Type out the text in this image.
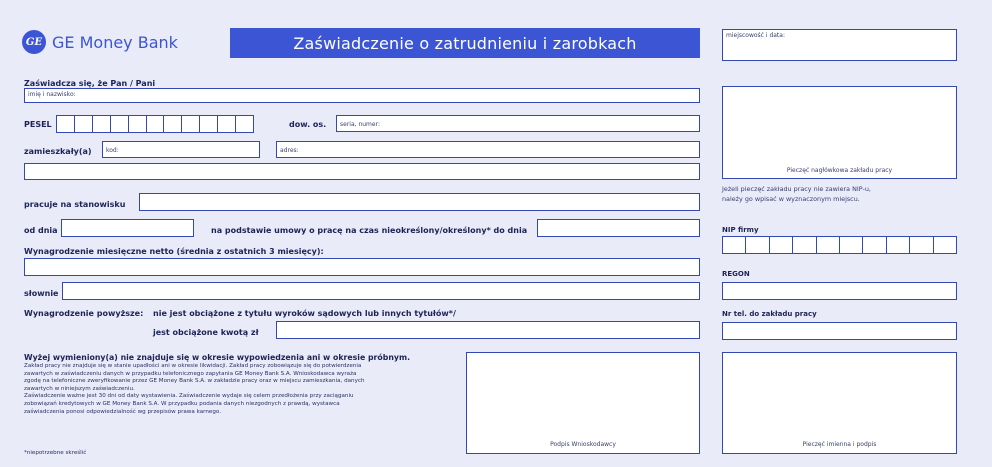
GE GE Money Bank	Zaświadczenie o zatrudnieniu i zarobkach
Zaświadcza się, że Pan / Pani
imię i nazwisko:
PESEL	dow. os. seria, numer:
zamieszkały(a) kod:	adres:
pracuje na stanowisku
od dnia	na podstawie umowy o pracę na czas nieokreślony/określony* do dnia
Wynagrodzenie miesięczne netto (średnia z ostatnich 3 miesięcy):
słownie
Wynagrodzenie powyższe: nie jest obciążone z tytułu wyroków sądowych lub innych tytułów*/
jest obciążone kwotą zł
Wyżej wymieniony(a) nie znajduje się w okresie wypowiedzenia ani w okresie próbnym.
Zakład pracy nie znajduje się w stanie upadłości ani w okresie likwidacji. Zakład pracy zobowiązuje się do potwierdzenia
zawartych w zaświadczeniu danych w przypadku telefonicznego zapytania GE Money Bank S.A. Wnioskodawca wyraża
zgodę na telefoniczne zweryfikowanie przez GE Money Bank S.A. w zakładzie pracy oraz w miejscu zamieszkania, danych
zawartych w niniejszym zaświadczeniu.
Zaświadczenie ważne jest 30 dni od daty wystawienia. Zaświadczenie wydaje się celem przedłożenia przy zaciąganiu
zobowiązań kredytowych w GE Money Bank S.A. W przypadku podania danych niezgodnych z prawdą, wystawca
zaświadczenia ponosi odpowiedzialność wg przepisów prawa karnego.
*niepotrzebne skreślić
Podpis Wnioskodawcy
miejscowość i data:
Pieczęć nagłówkowa zakładu pracy
Jeżeli pieczęć zakładu pracy nie zawiera NIP-u,
należy go wpisać w wyznaczonym miejscu.
NIP firmy
REGON
Nr tel. do zakładu pracy
Pieczęć imienna i podpis
